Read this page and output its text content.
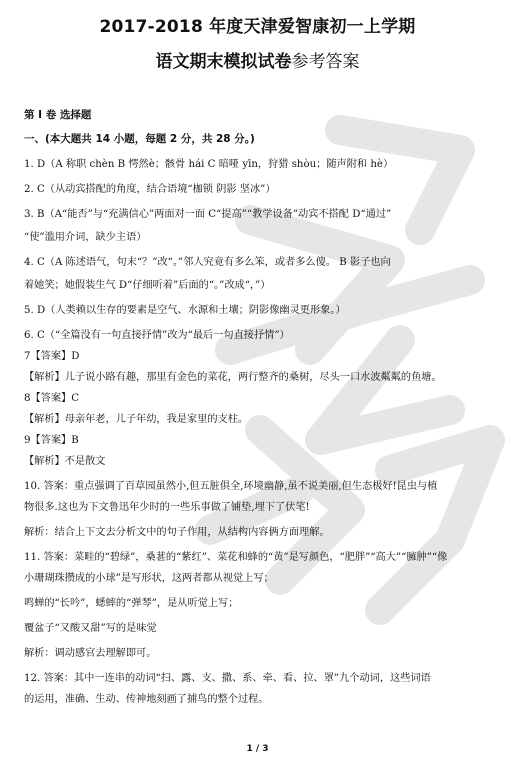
2017-2018 年度天津爱智康初一上学期
语文期末模拟试卷参考答案

第 I 卷 选择题

一、(本大题共 14 小题，每题 2 分，共 28 分。)

1. D（A 称职 chèn B 愕然è；骸骨 hái C 暗哑 yīn，狩猎 shòu；随声附和 hè）

2. C（从动宾搭配的角度，结合语境“枷锁 阴影 坚冰”）

3. B（A“能否”与“充满信心”两面对一面 C“提高”“教学设备”动宾不搭配 D“通过”

“使”滥用介词，缺少主语）

4. C（A 陈述语气，句末“？”改“。”邻人究竟有多么笨，或者多么傻。 B 影子也向

着她笑；她假装生气 D“仔细听着”后面的“。”改成“，”）

5. D（人类赖以生存的要素是空气、水源和土壤；阴影像幽灵更形象。）

6. C（“全篇没有一句直接抒情”改为“最后一句直接抒情”）

7【答案】D

【解析】儿子说小路有趣，那里有金色的菜花，两行整齐的桑树，尽头一口水波粼粼的鱼塘。

8【答案】C

【解析】母亲年老，儿子年幼，我是家里的支柱。

9【答案】B

【解析】不是散文

10. 答案：重点强调了百草园虽然小,但五脏俱全,环境幽静,虽不说美丽,但生态极好!昆虫与植

物很多.这也为下文鲁迅年少时的一些乐事做了铺垫,埋下了伏笔!

解析：结合上下文去分析文中的句子作用，从结构内容俩方面理解。

11. 答案：菜畦的“碧绿”，桑葚的“紫红”、菜花和蜂的“黄”是写颜色，“肥胖”“高大”“臃肿”“像

小珊瑚珠攒成的小球”是写形状，这两者都从视觉上写；

鸣蝉的“长吟”，蟋蟀的“弹琴”，是从听觉上写；

覆盆子“又酸又甜”写的是味觉

解析：调动感官去理解即可。

12. 答案：其中一连串的动词“扫、露、支、撒、系、牵、看、拉、罩”九个动词，这些词语

的运用，准确、生动、传神地刻画了捕鸟的整个过程。

1 / 3
